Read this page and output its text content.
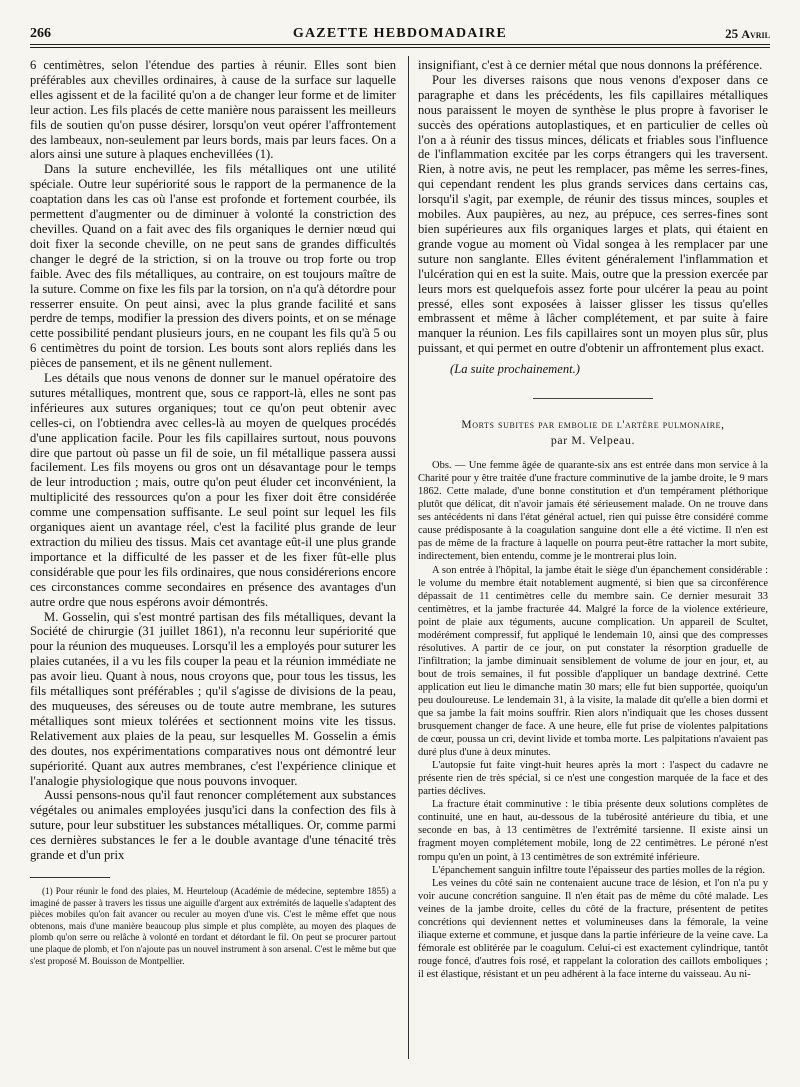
266	GAZETTE HEBDOMADAIRE	25 Avril

6 centimètres, selon l'étendue des parties à réunir. Elles sont bien préférables aux chevilles ordinaires, à cause de la surface sur laquelle elles agissent et de la facilité qu'on a de changer leur forme et de limiter leur action. Les fils placés de cette manière nous paraissent les meilleurs fils de soutien qu'on pusse désirer, lorsqu'on veut opérer l'affrontement des lambeaux, non-seulement par leurs bords, mais par leurs faces. On a alors ainsi une suture à plaques enchevillées (1).

Dans la suture enchevillée, les fils métalliques ont une utilité spéciale. Outre leur supériorité sous le rapport de la permanence de la coaptation dans les cas où l'anse est profonde et fortement courbée, ils permettent d'augmenter ou de diminuer à volonté la constriction des chevilles. Quand on a fait avec des fils organiques le dernier nœud qui doit fixer la seconde cheville, on ne peut sans de grandes difficultés changer le degré de la striction, si on la trouve ou trop forte ou trop faible. Avec des fils métalliques, au contraire, on est toujours maître de la suture. Comme on fixe les fils par la torsion, on n'a qu'à détordre pour resserrer ensuite. On peut ainsi, avec la plus grande facilité et sans perdre de temps, modifier la pression des divers points, et on se ménage cette possibilité pendant plusieurs jours, en ne coupant les fils qu'à 5 ou 6 centimètres du point de torsion. Les bouts sont alors repliés dans les pièces de pansement, et ils ne gênent nullement.

Les détails que nous venons de donner sur le manuel opératoire des sutures métalliques, montrent que, sous ce rapport-là, elles ne sont pas inférieures aux sutures organiques; tout ce qu'on peut obtenir avec celles-ci, on l'obtiendra avec celles-là au moyen de quelques procédés d'une application facile. Pour les fils capillaires surtout, nous pouvons dire que partout où passe un fil de soie, un fil métallique passera aussi facilement. Les fils moyens ou gros ont un désavantage pour le temps de leur introduction ; mais, outre qu'on peut éluder cet inconvénient, la multiplicité des ressources qu'on a pour les fixer doit être considérée comme une compensation suffisante. Le seul point sur lequel les fils organiques aient un avantage réel, c'est la facilité plus grande de leur extraction du milieu des tissus. Mais cet avantage eût-il une plus grande importance et la difficulté de les passer et de les fixer fût-elle plus considérable que pour les fils ordinaires, que nous considérerions encore ces circonstances comme secondaires en présence des avantages d'un autre ordre que nous espérons avoir démontrés.

M. Gosselin, qui s'est montré partisan des fils métalliques, devant la Société de chirurgie (31 juillet 1861), n'a reconnu leur supériorité que pour la réunion des muqueuses. Lorsqu'il les a employés pour suturer les plaies cutanées, il a vu les fils couper la peau et la réunion immédiate ne pas avoir lieu. Quant à nous, nous croyons que, pour tous les tissus, les fils métalliques sont préférables ; qu'il s'agisse de divisions de la peau, des muqueuses, des séreuses ou de toute autre membrane, les sutures métalliques sont mieux tolérées et sectionnent moins vite les tissus. Relativement aux plaies de la peau, sur lesquelles M. Gosselin a émis des doutes, nos expérimentations comparatives nous ont démontré leur supériorité. Quant aux autres membranes, c'est l'expérience clinique et l'analogie physiologique que nous pouvons invoquer.

Aussi pensons-nous qu'il faut renoncer complétement aux substances végétales ou animales employées jusqu'ici dans la confection des fils à suture, pour leur substituer les substances métalliques. Or, comme parmi ces dernières substances le fer a le double avantage d'une ténacité très grande et d'un prix

(1) Pour réunir le fond des plaies, M. Heurteloup (Académie de médecine, septembre 1855) a imaginé de passer à travers les tissus une aiguille d'argent aux extrémités de laquelle s'adaptent des pièces mobiles qu'on fait avancer ou reculer au moyen d'une vis. C'est le même effet que nous obtenons, mais d'une manière beaucoup plus simple et plus complète, au moyen des plaques de plomb qu'on serre ou relâche à volonté en tordant et détordant le fil. On peut se procurer partout une plaque de plomb, et l'on n'ajoute pas un nouvel instrument à son arsenal. C'est le même but que s'est proposé M. Bouisson de Montpellier.

insignifiant, c'est à ce dernier métal que nous donnons la préférence.

Pour les diverses raisons que nous venons d'exposer dans ce paragraphe et dans les précédents, les fils capillaires métalliques nous paraissent le moyen de synthèse le plus propre à favoriser le succès des opérations autoplastiques, et en particulier de celles où l'on a à réunir des tissus minces, délicats et friables sous l'influence de l'inflammation excitée par les corps étrangers qui les traversent. Rien, à notre avis, ne peut les remplacer, pas même les serres-fines, qui cependant rendent les plus grands services dans certains cas, lorsqu'il s'agit, par exemple, de réunir des tissus minces, souples et mobiles. Aux paupières, au nez, au prépuce, ces serres-fines sont bien supérieures aux fils organiques larges et plats, qui étaient en grande vogue au moment où Vidal songea à les remplacer par une suture non sanglante. Elles évitent généralement l'inflammation et l'ulcération qui en est la suite. Mais, outre que la pression exercée par leurs mors est quelquefois assez forte pour ulcérer la peau au point pressé, elles sont exposées à laisser glisser les tissus qu'elles embrassent et même à lâcher complétement, et par suite à faire manquer la réunion. Les fils capillaires sont un moyen plus sûr, plus puissant, et qui permet en outre d'obtenir un affrontement plus exact.

(La suite prochainement.)

Morts subites par embolie de l'artère pulmonaire,
par M. Velpeau.

Obs. — Une femme âgée de quarante-six ans est entrée dans mon service à la Charité pour y être traitée d'une fracture comminutive de la jambe droite, le 9 mars 1862. Cette malade, d'une bonne constitution et d'un tempérament pléthorique plutôt que délicat, dit n'avoir jamais été sérieusement malade. On ne trouve dans ses antécédents ni dans l'état général actuel, rien qui puisse être considéré comme cause prédisposante à la coagulation sanguine dont elle a été victime. Il n'en est pas de même de la fracture à laquelle on pourra peut-être rattacher la mort subite, indirectement, bien entendu, comme je le montrerai plus loin.

A son entrée à l'hôpital, la jambe était le siège d'un épanchement considérable : le volume du membre était notablement augmenté, si bien que sa circonférence dépassait de 11 centimètres celle du membre sain. Ce dernier mesurait 33 centimètres, et la jambe fracturée 44. Malgré la force de la violence extérieure, point de plaie aux téguments, aucune complication. Un appareil de Scultet, modérément compressif, fut appliqué le lendemain 10, ainsi que des compresses résolutives. A partir de ce jour, on put constater la résorption graduelle de l'infiltration; la jambe diminuait sensiblement de volume de jour en jour, et, au bout de trois semaines, il fut possible d'appliquer un bandage dextriné. Cette application eut lieu le dimanche matin 30 mars; elle fut bien supportée, quoiqu'un peu douloureuse. Le lendemain 31, à la visite, la malade dit qu'elle a bien dormi et que sa jambe la fait moins souffrir. Rien alors n'indiquait que les choses dussent brusquement changer de face. A une heure, elle fut prise de violentes palpitations de cœur, poussa un cri, devint livide et tomba morte. Les palpitations n'avaient pas duré plus d'une à deux minutes.

L'autopsie fut faite vingt-huit heures après la mort : l'aspect du cadavre ne présente rien de très spécial, si ce n'est une congestion marquée de la face et des parties déclives.

La fracture était comminutive : le tibia présente deux solutions complètes de continuité, une en haut, au-dessous de la tubérosité antérieure du tibia, et une seconde en bas, à 13 centimètres de l'extrémité tarsienne. Il existe ainsi un fragment moyen complétement mobile, long de 22 centimètres. Le péroné n'est rompu qu'en un point, à 13 centimètres de son extrémité inférieure.

L'épanchement sanguin infiltre toute l'épaisseur des parties molles de la région.

Les veines du côté sain ne contenaient aucune trace de lésion, et l'on n'a pu y voir aucune concrétion sanguine. Il n'en était pas de même du côté malade. Les veines de la jambe droite, celles du côté de la fracture, présentent de petites concrétions qui deviennent nettes et volumineuses dans la fémorale, la veine iliaque externe et commune, et jusque dans la partie inférieure de la veine cave. La fémorale est oblitérée par le coagulum. Celui-ci est exactement cylindrique, tantôt rouge foncé, d'autres fois rosé, et rappelant la coloration des caillots emboliques ; il est élastique, résistant et un peu adhérent à la face interne du vaisseau. Au ni-
